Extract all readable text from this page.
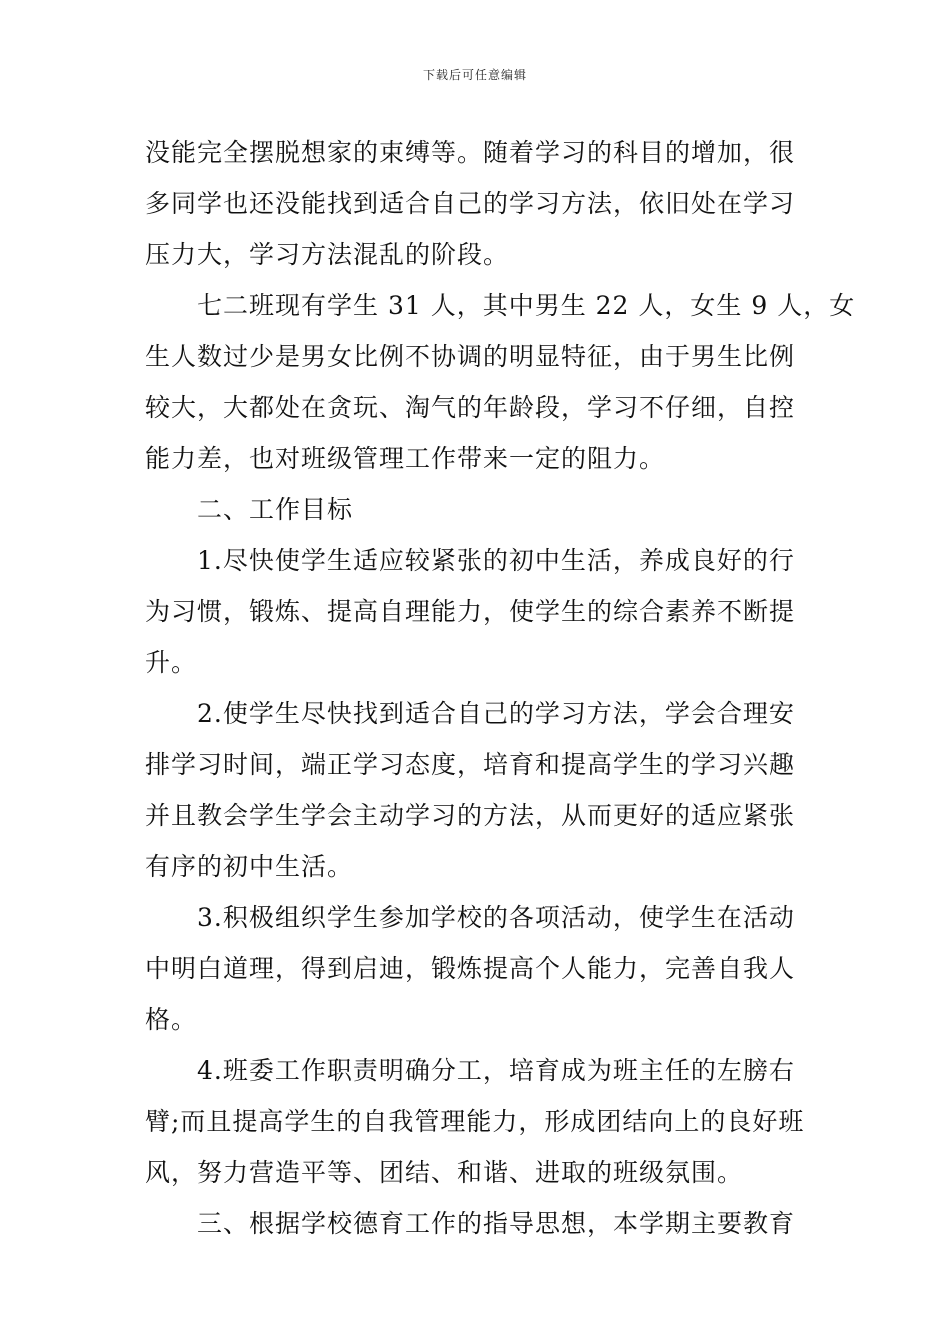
下载后可任意编辑
没能完全摆脱想家的束缚等。随着学习的科目的增加，很
多同学也还没能找到适合自己的学习方法，依旧处在学习
压力大，学习方法混乱的阶段。
七二班现有学生 31 人，其中男生 22 人，女生 9 人，女
生人数过少是男女比例不协调的明显特征，由于男生比例
较大，大都处在贪玩、淘气的年龄段，学习不仔细，自控
能力差，也对班级管理工作带来一定的阻力。
二、工作目标
1.尽快使学生适应较紧张的初中生活，养成良好的行
为习惯，锻炼、提高自理能力，使学生的综合素养不断提
升。
2.使学生尽快找到适合自己的学习方法，学会合理安
排学习时间，端正学习态度，培育和提高学生的学习兴趣
并且教会学生学会主动学习的方法，从而更好的适应紧张
有序的初中生活。
3.积极组织学生参加学校的各项活动，使学生在活动
中明白道理，得到启迪，锻炼提高个人能力，完善自我人
格。
4.班委工作职责明确分工，培育成为班主任的左膀右
臂;而且提高学生的自我管理能力，形成团结向上的良好班
风，努力营造平等、团结、和谐、进取的班级氛围。
三、根据学校德育工作的指导思想，本学期主要教育
